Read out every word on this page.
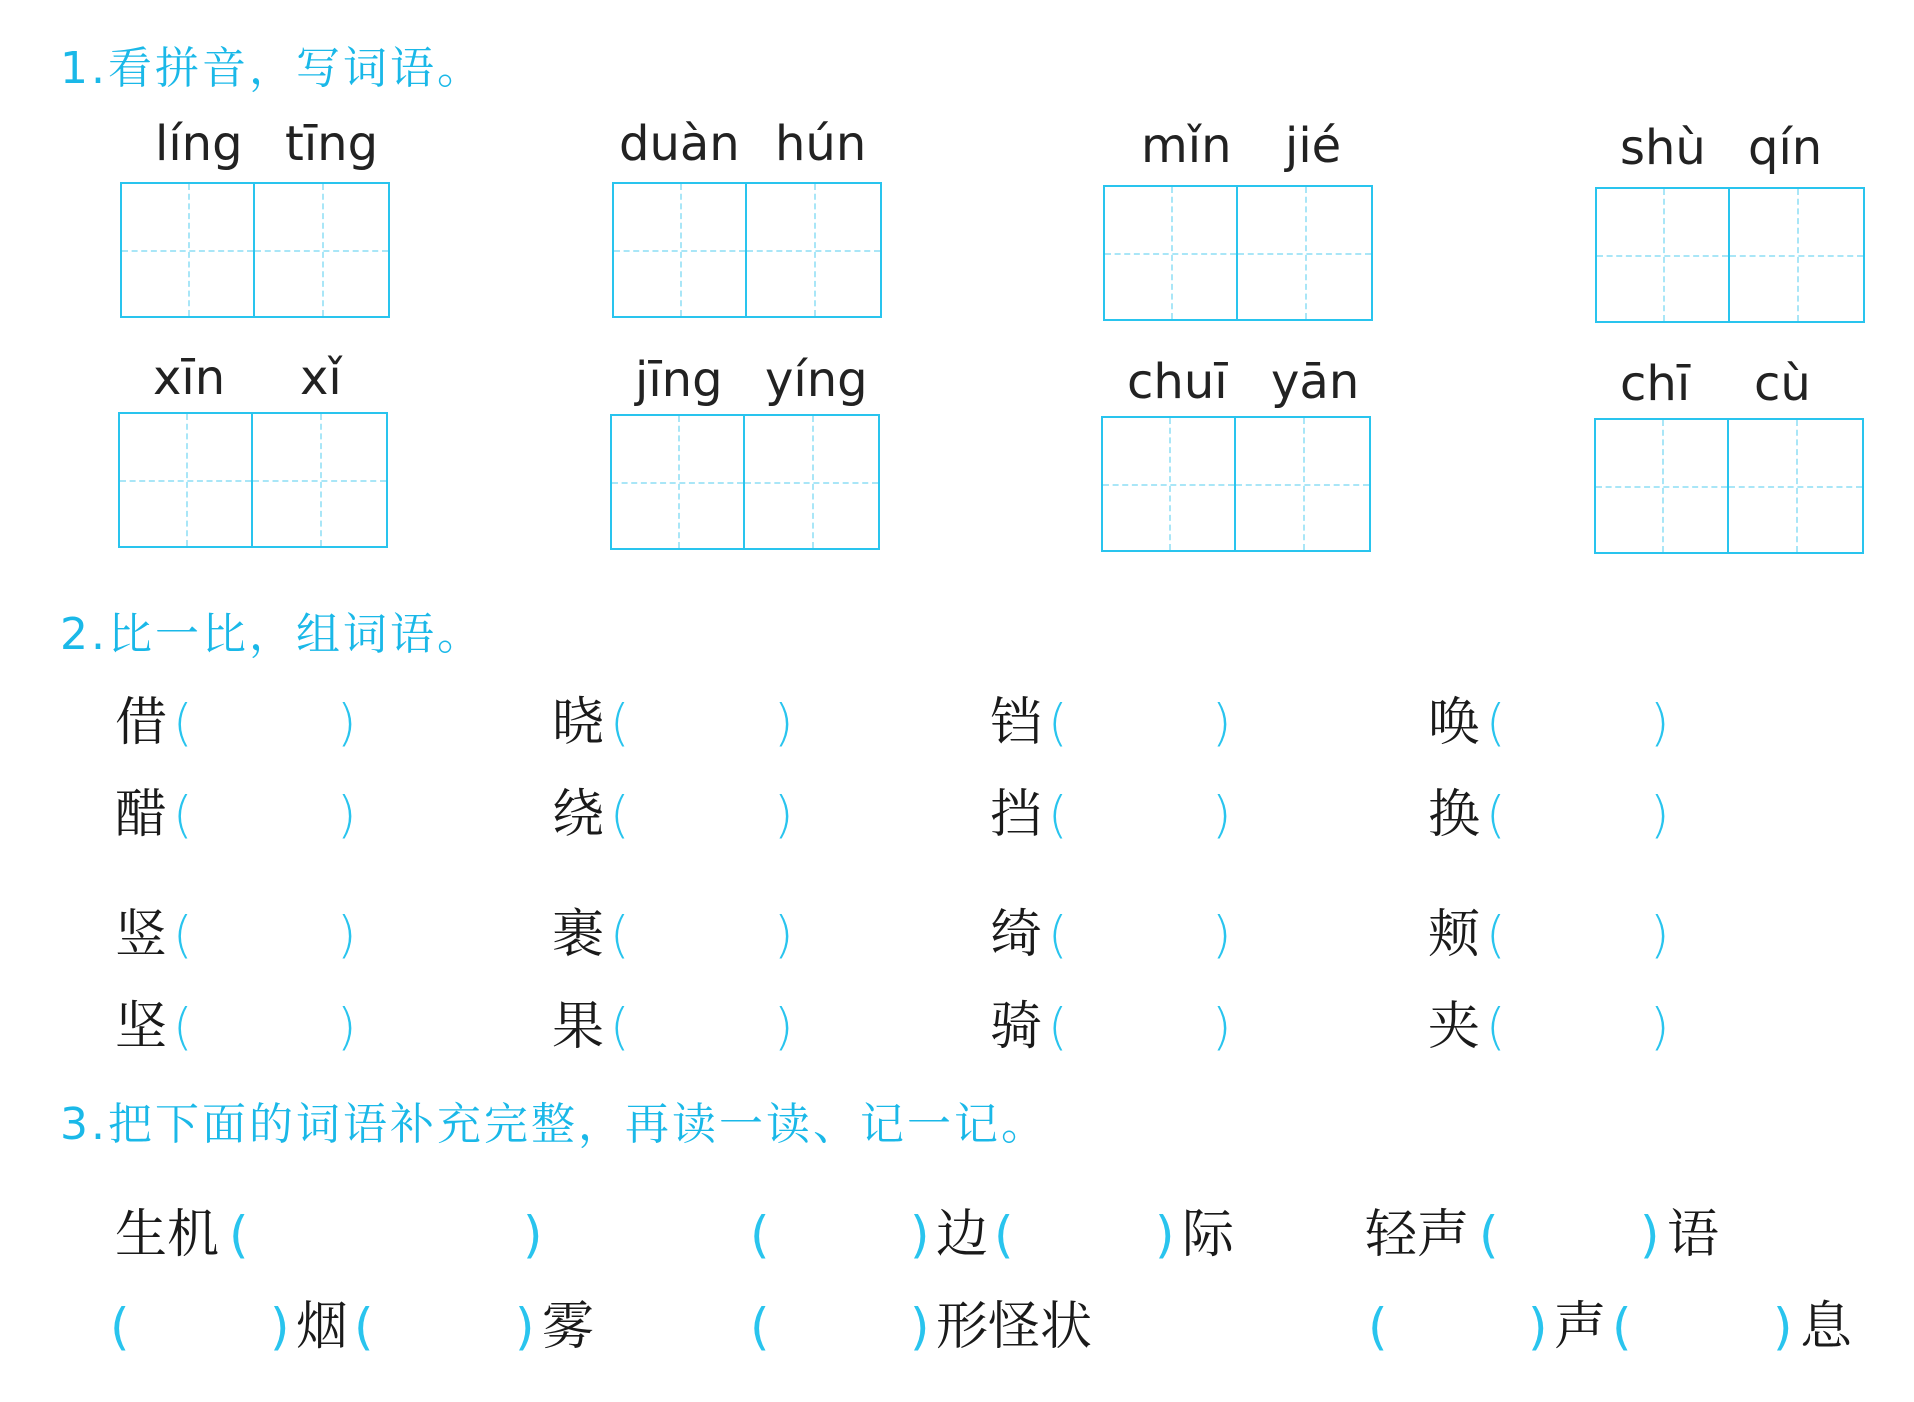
1.看拼音，写词语。
líng tīng	duàn hún	mǐn jié	shù qín
xīn xǐ	jīng yíng	chuī yān	chī cù
2.比一比，组词语。
借 (	)	晓 (	)	铛 (	)	唤 (	)
醋 (	)	绕 (	)	挡 (	)	换 (	)
竖 (	)	裹 (	)	绮 (	)	颊 (	)
坚 (	)	果 (	)	骑 (	)	夹 (	)
3.把下面的词语补充完整，再读一读、记一记。
生机 (	)	(	) 边 (	) 际	轻声 (	) 语
(	) 烟 (	) 雾	(	) 形怪状	(	) 声 (	) 息
